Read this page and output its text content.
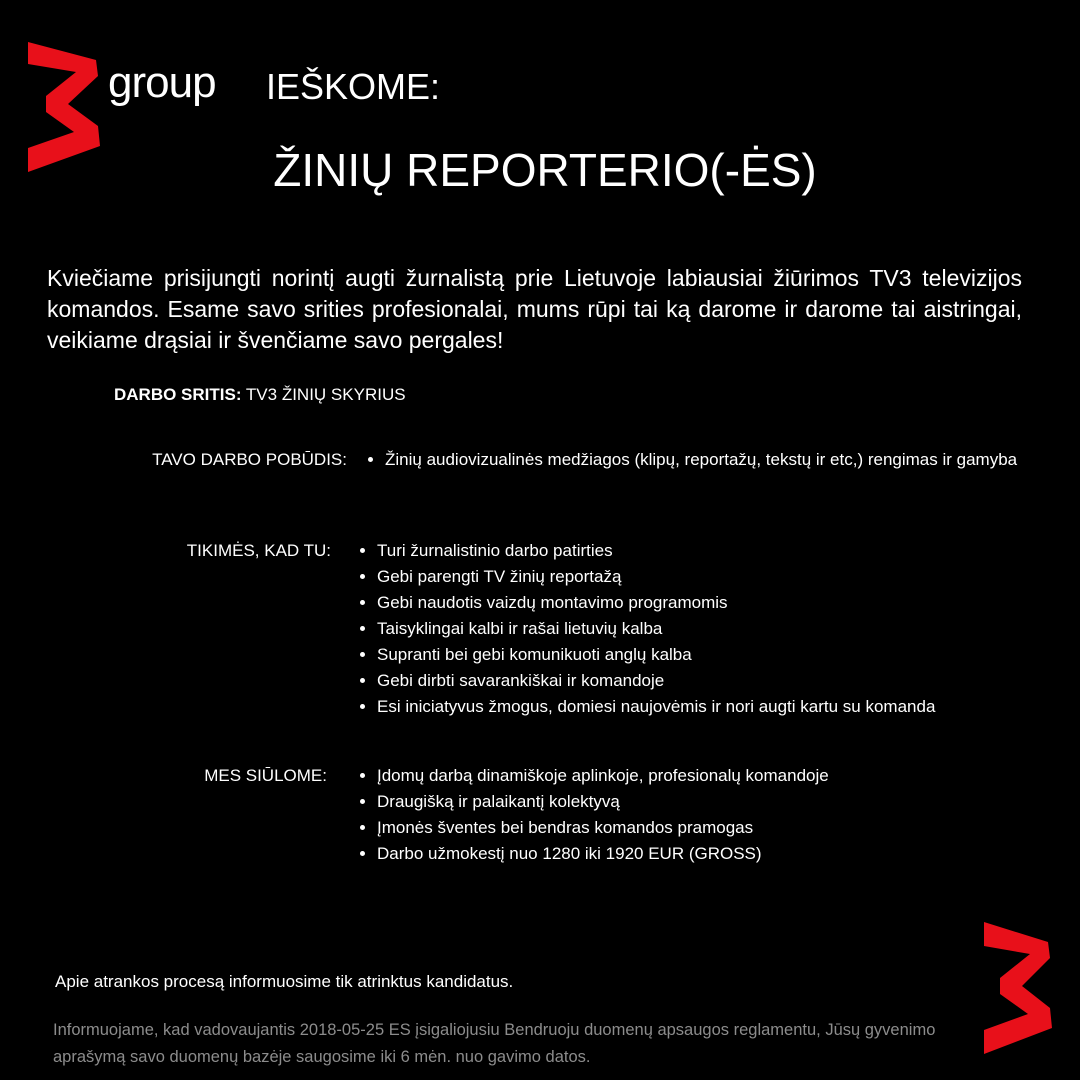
group IEŠKOME:
ŽINIŲ REPORTERIO(-ĖS)
Kviečiame prisijungti norintį augti žurnalistą prie Lietuvoje labiausiai žiūrimos TV3 televizijos komandos. Esame savo srities profesionalai, mums rūpi tai ką darome ir darome tai aistringai, veikiame drąsiai ir švenčiame savo pergales!
DARBO SRITIS: TV3 ŽINIŲ SKYRIUS
TAVO DARBO POBŪDIS: • Žinių audiovizualinės medžiagos (klipų, reportažų, tekstų ir etc,) rengimas ir gamyba
TIKIMĖS, KAD TU:	• Turi žurnalistinio darbo patirties
• Gebi parengti TV žinių reportažą
• Gebi naudotis vaizdų montavimo programomis
• Taisyklingai kalbi ir rašai lietuvių kalba
• Supranti bei gebi komunikuoti anglų kalba
• Gebi dirbti savarankiškai ir komandoje
• Esi iniciatyvus žmogus, domiesi naujovėmis ir nori augti kartu su komanda
MES SIŪLOME:	• Įdomų darbą dinamiškoje aplinkoje, profesionalų komandoje
• Draugišką ir palaikantį kolektyvą
• Įmonės šventes bei bendras komandos pramogas
• Darbo užmokestį nuo 1280 iki 1920 EUR (GROSS)
Apie atrankos procesą informuosime tik atrinktus kandidatus.
Informuojame, kad vadovaujantis 2018-05-25 ES įsigaliojusiu Bendruoju duomenų apsaugos reglamentu, Jūsų gyvenimo aprašymą savo duomenų bazėje saugosime iki 6 mėn. nuo gavimo datos.
